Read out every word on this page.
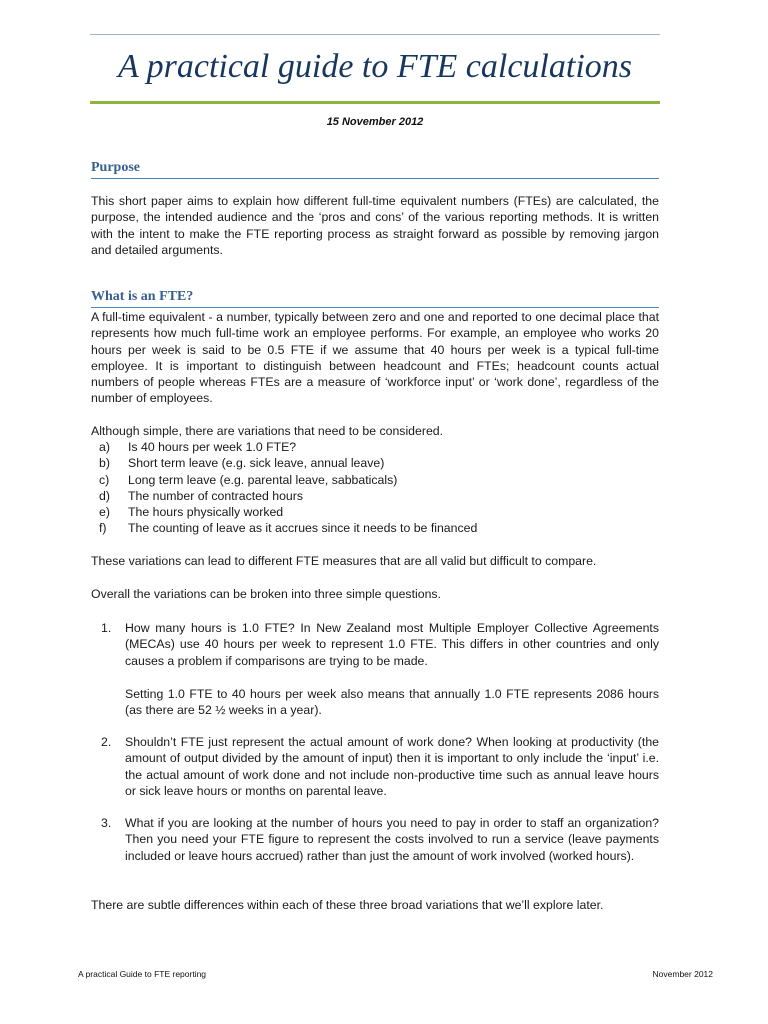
A practical guide to FTE calculations
15 November 2012
Purpose

This short paper aims to explain how different full-time equivalent numbers (FTEs) are calculated, the purpose, the intended audience and the ‘pros and cons’ of the various reporting methods. It is written with the intent to make the FTE reporting process as straight forward as possible by removing jargon and detailed arguments.

What is an FTE?

A full-time equivalent - a number, typically between zero and one and reported to one decimal place that represents how much full-time work an employee performs. For example, an employee who works 20 hours per week is said to be 0.5 FTE if we assume that 40 hours per week is a typical full-time employee. It is important to distinguish between headcount and FTEs; headcount counts actual numbers of people whereas FTEs are a measure of ‘workforce input’ or ‘work done’, regardless of the number of employees.

Although simple, there are variations that need to be considered.

a)	Is 40 hours per week 1.0 FTE?
b)	Short term leave (e.g. sick leave, annual leave)
c)	Long term leave (e.g. parental leave, sabbaticals)
d)	The number of contracted hours
e)	The hours physically worked
f)	The counting of leave as it accrues since it needs to be financed

These variations can lead to different FTE measures that are all valid but difficult to compare.

Overall the variations can be broken into three simple questions.

1.	How many hours is 1.0 FTE? In New Zealand most Multiple Employer Collective Agreements (MECAs) use 40 hours per week to represent 1.0 FTE. This differs in other countries and only causes a problem if comparisons are trying to be made.
Setting 1.0 FTE to 40 hours per week also means that annually 1.0 FTE represents 2086 hours (as there are 52 ½ weeks in a year).
2.	Shouldn’t FTE just represent the actual amount of work done? When looking at productivity (the amount of output divided by the amount of input) then it is important to only include the ‘input’ i.e. the actual amount of work done and not include non-productive time such as annual leave hours or sick leave hours or months on parental leave.
3.	What if you are looking at the number of hours you need to pay in order to staff an organization? Then you need your FTE figure to represent the costs involved to run a service (leave payments included or leave hours accrued) rather than just the amount of work involved (worked hours).

There are subtle differences within each of these three broad variations that we’ll explore later.

A practical Guide to FTE reporting	November 2012
